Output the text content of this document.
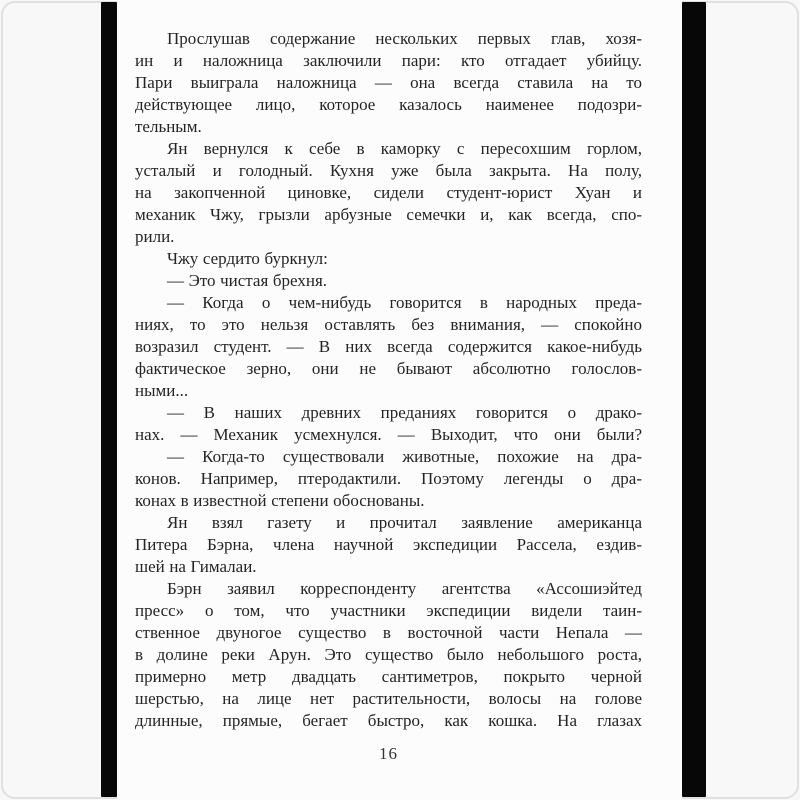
Прослушав содержание нескольких первых глав, хозя-
ин и наложница заключили пари: кто отгадает убийцу.
Пари выиграла наложница — она всегда ставила на то
действующее лицо, которое казалось наименее подозри-
тельным.
Ян вернулся к себе в каморку с пересохшим горлом,
усталый и голодный. Кухня уже была закрыта. На полу,
на закопченной циновке, сидели студент-юрист Хуан и
механик Чжу, грызли арбузные семечки и, как всегда, спо-
рили.
Чжу сердито буркнул:
— Это чистая брехня.
— Когда о чем-нибудь говорится в народных преда-
ниях, то это нельзя оставлять без внимания, — спокойно
возразил студент. — В них всегда содержится какое-нибудь
фактическое зерно, они не бывают абсолютно голослов-
ными...
— В наших древних преданиях говорится о драко-
нах. — Механик усмехнулся. — Выходит, что они были?
— Когда-то существовали животные, похожие на дра-
конов. Например, птеродактили. Поэтому легенды о дра-
конах в известной степени обоснованы.
Ян взял газету и прочитал заявление американца
Питера Бэрна, члена научной экспедиции Рассела, ездив-
шей на Гималаи.
Бэрн заявил корреспонденту агентства «Ассошиэйтед
пресс» о том, что участники экспедиции видели таин-
ственное двуногое существо в восточной части Непала —
в долине реки Арун. Это существо было небольшого роста,
примерно метр двадцать сантиметров, покрыто черной
шерстью, на лице нет растительности, волосы на голове
длинные, прямые, бегает быстро, как кошка. На глазах
16
